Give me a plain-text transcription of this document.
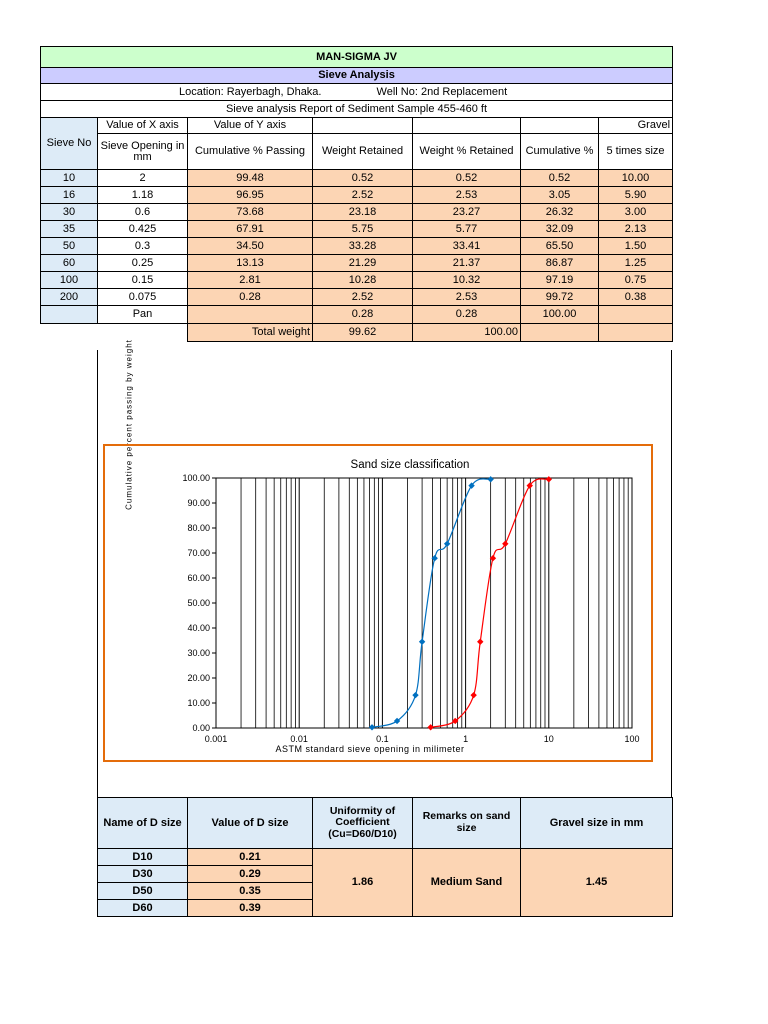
MAN-SIGMA JV						
Sieve Analysis						
Location: Rayerbagh, Dhaka. Well No: 2nd Replacement						
Sieve analysis Report of Sediment Sample 455-460 ft						
Sieve No	Value of X axis	Value of Y axis				Gravel
	Sieve Opening in mm	Cumulative % Passing	Weight Retained	Weight % Retained	Cumulative %	5 times size
10	2	99.48	0.52	0.52	0.52	10.00
16	1.18	96.95	2.52	2.53	3.05	5.90
30	0.6	73.68	23.18	23.27	26.32	3.00
35	0.425	67.91	5.75	5.77	32.09	2.13
50	0.3	34.50	33.28	33.41	65.50	1.50
60	0.25	13.13	21.29	21.37	86.87	1.25
100	0.15	2.81	10.28	10.32	97.19	0.75
200	0.075	0.28	2.52	2.53	99.72	0.38
	Pan		0.28	0.28	100.00	
		Total weight	99.62	100.00		
Cumulative percent passing by weight	Sand size classification
ASTM standard sieve opening in milimeter
0.00
10.00
20.00
30.00
40.00
50.00
60.00
70.00
80.00
90.00
100.00
0.001	0.01	0.1	1	10	100
Name of D size	Value of D size	Uniformity of Coefficient (Cu=D60/D10)	Remarks on sand size	Gravel size in mm
D10	0.21	1.86	Medium Sand	1.45
D30	0.29			
D50	0.35			
D60	0.39			
